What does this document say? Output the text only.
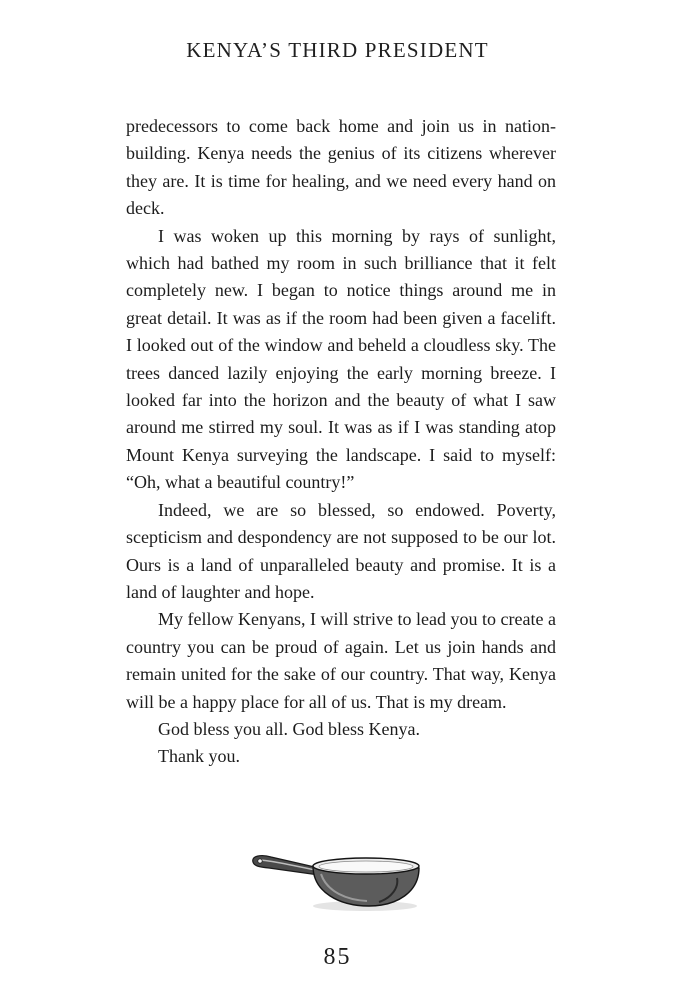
KENYA’S THIRD PRESIDENT

predecessors to come back home and join us in nation-building. Kenya needs the genius of its citizens wherever they are. It is time for healing, and we need every hand on deck.

I was woken up this morning by rays of sunlight, which had bathed my room in such brilliance that it felt completely new. I began to notice things around me in great detail. It was as if the room had been given a facelift. I looked out of the window and beheld a cloudless sky. The trees danced lazily enjoying the early morning breeze. I looked far into the horizon and the beauty of what I saw around me stirred my soul. It was as if I was standing atop Mount Kenya surveying the landscape. I said to myself: “Oh, what a beautiful country!”

Indeed, we are so blessed, so endowed. Poverty, scepticism and despondency are not supposed to be our lot. Ours is a land of unparalleled beauty and promise. It is a land of laughter and hope.

My fellow Kenyans, I will strive to lead you to create a country you can be proud of again. Let us join hands and remain united for the sake of our country. That way, Kenya will be a happy place for all of us. That is my dream.

God bless you all. God bless Kenya.

Thank you.

85
